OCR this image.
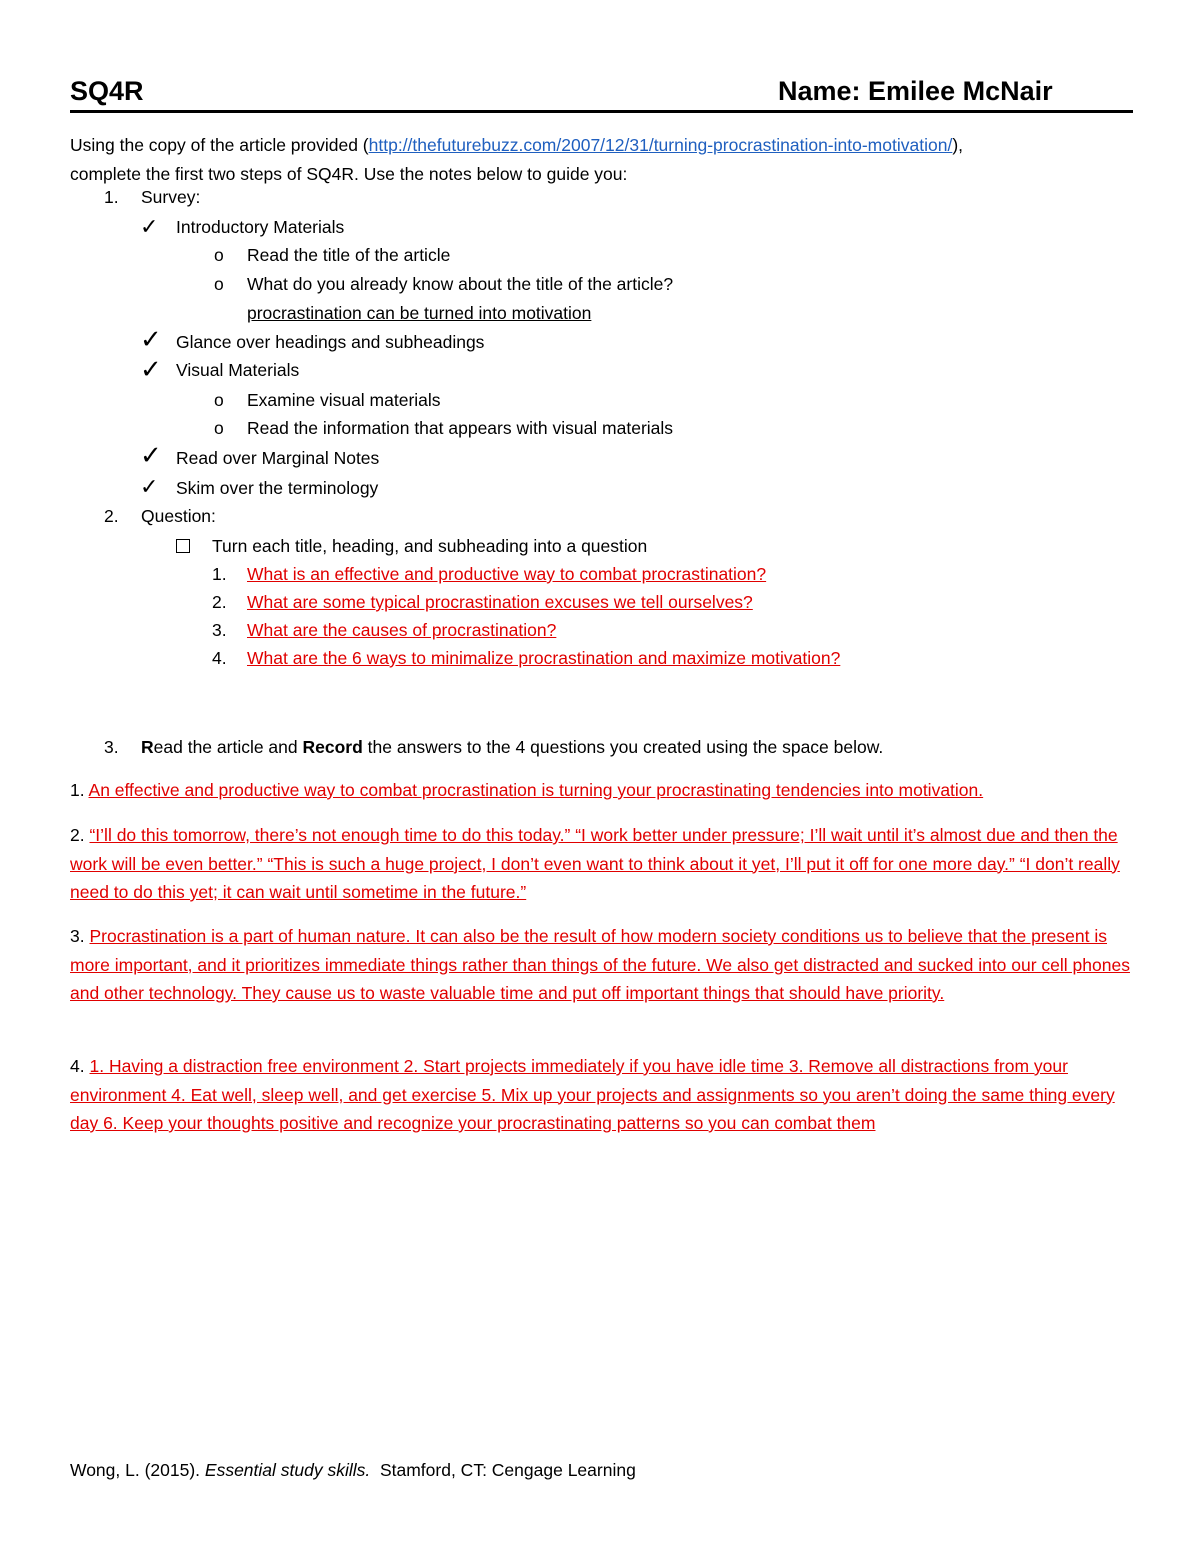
SQ4R	Name: Emilee McNair
Using the copy of the article provided (http://thefuturebuzz.com/2007/12/31/turning-procrastination-into-motivation/),
complete the first two steps of SQ4R. Use the notes below to guide you:
1. Survey:
✓ Introductory Materials
o Read the title of the article
o What do you already know about the title of the article?
procrastination can be turned into motivation
✓ Glance over headings and subheadings
✓ Visual Materials
o Examine visual materials
o Read the information that appears with visual materials
✓ Read over Marginal Notes
✓ Skim over the terminology
2. Question:
Turn each title, heading, and subheading into a question
1. What is an effective and productive way to combat procrastination?
2. What are some typical procrastination excuses we tell ourselves?
3. What are the causes of procrastination?
4. What are the 6 ways to minimalize procrastination and maximize motivation?
3. Read the article and Record the answers to the 4 questions you created using the space below.
1. An effective and productive way to combat procrastination is turning your procrastinating tendencies into motivation.
2. “I’ll do this tomorrow, there’s not enough time to do this today.” “I work better under pressure; I’ll wait until it’s almost due and then the work will be even better.” “This is such a huge project, I don’t even want to think about it yet, I’ll put it off for one more day.” “I don’t really need to do this yet; it can wait until sometime in the future.”
3. Procrastination is a part of human nature. It can also be the result of how modern society conditions us to believe that the present is more important, and it prioritizes immediate things rather than things of the future. We also get distracted and sucked into our cell phones and other technology. They cause us to waste valuable time and put off important things that should have priority.
4. 1. Having a distraction free environment 2. Start projects immediately if you have idle time 3. Remove all distractions from your environment 4. Eat well, sleep well, and get exercise 5. Mix up your projects and assignments so you aren’t doing the same thing every day 6. Keep your thoughts positive and recognize your procrastinating patterns so you can combat them
Wong, L. (2015). Essential study skills.  Stamford, CT: Cengage Learning
